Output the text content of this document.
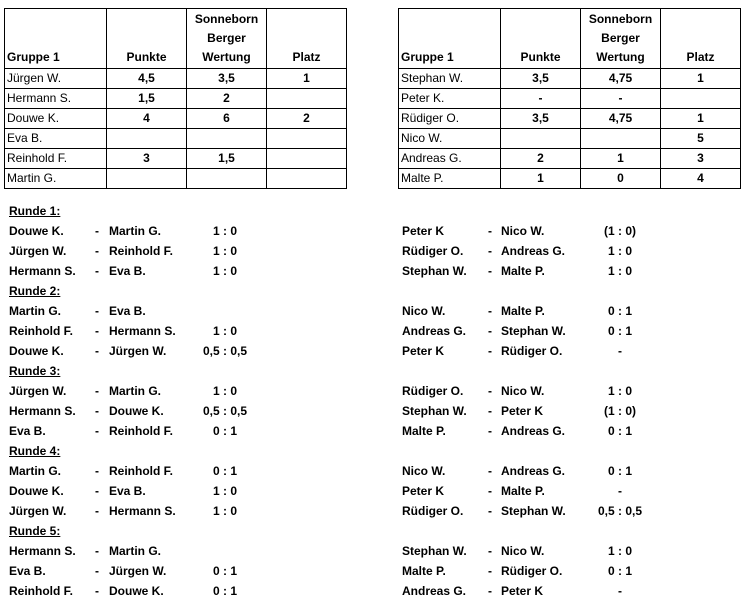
Gruppe 1	Punkte	Sonneborn
Berger
Wertung	Platz
Jürgen W.	4,5	3,5	1
Hermann S.	1,5	2	
Douwe K.	4	6	2
Eva B.			
Reinhold F.	3	1,5	
Martin G.			
Gruppe 1	Punkte	Sonneborn
Berger
Wertung	Platz
Stephan W.	3,5	4,75	1
Peter K.	-	-	
Rüdiger O.	3,5	4,75	1
Nico W.			5
Andreas G.	2	1	3
Malte P.	1	0	4
Runde 1:
Douwe K.	- Martin G.	1 : 0
Jürgen W. - Reinhold F.	1 : 0
Hermann S. - Eva B.	1 : 0
Runde 2:
Martin G.	- Eva B.
Reinhold F. - Hermann S.	1 : 0
Douwe K.	- Jürgen W.	0,5 : 0,5
Runde 3:
Jürgen W. - Martin G.	1 : 0
Hermann S. - Douwe K.	0,5 : 0,5
Eva B.	- Reinhold F.	0 : 1
Runde 4:
Martin G.	- Reinhold F.	0 : 1
Douwe K.	- Eva B.	1 : 0
Jürgen W. - Hermann S.	1 : 0
Runde 5:
Hermann S. - Martin G.
Eva B.	- Jürgen W.	0 : 1
Reinhold F. - Douwe K.	0 : 1
Peter K	- Nico W.	(1 : 0)
Rüdiger O. - Andreas G.	1 : 0
Stephan W. - Malte P.	1 : 0
Nico W.	- Malte P.	0 : 1
Andreas G. - Stephan W.	0 : 1
Peter K	- Rüdiger O.	-
Rüdiger O. - Nico W.	1 : 0
Stephan W. - Peter K	(1 : 0)
Malte P.	- Andreas G.	0 : 1
Nico W.	- Andreas G.	0 : 1
Peter K	- Malte P.	-
Rüdiger O. - Stephan W.	0,5 : 0,5
Stephan W. - Nico W.	1 : 0
Malte P.	- Rüdiger O.	0 : 1
Andreas G. - Peter K	-
